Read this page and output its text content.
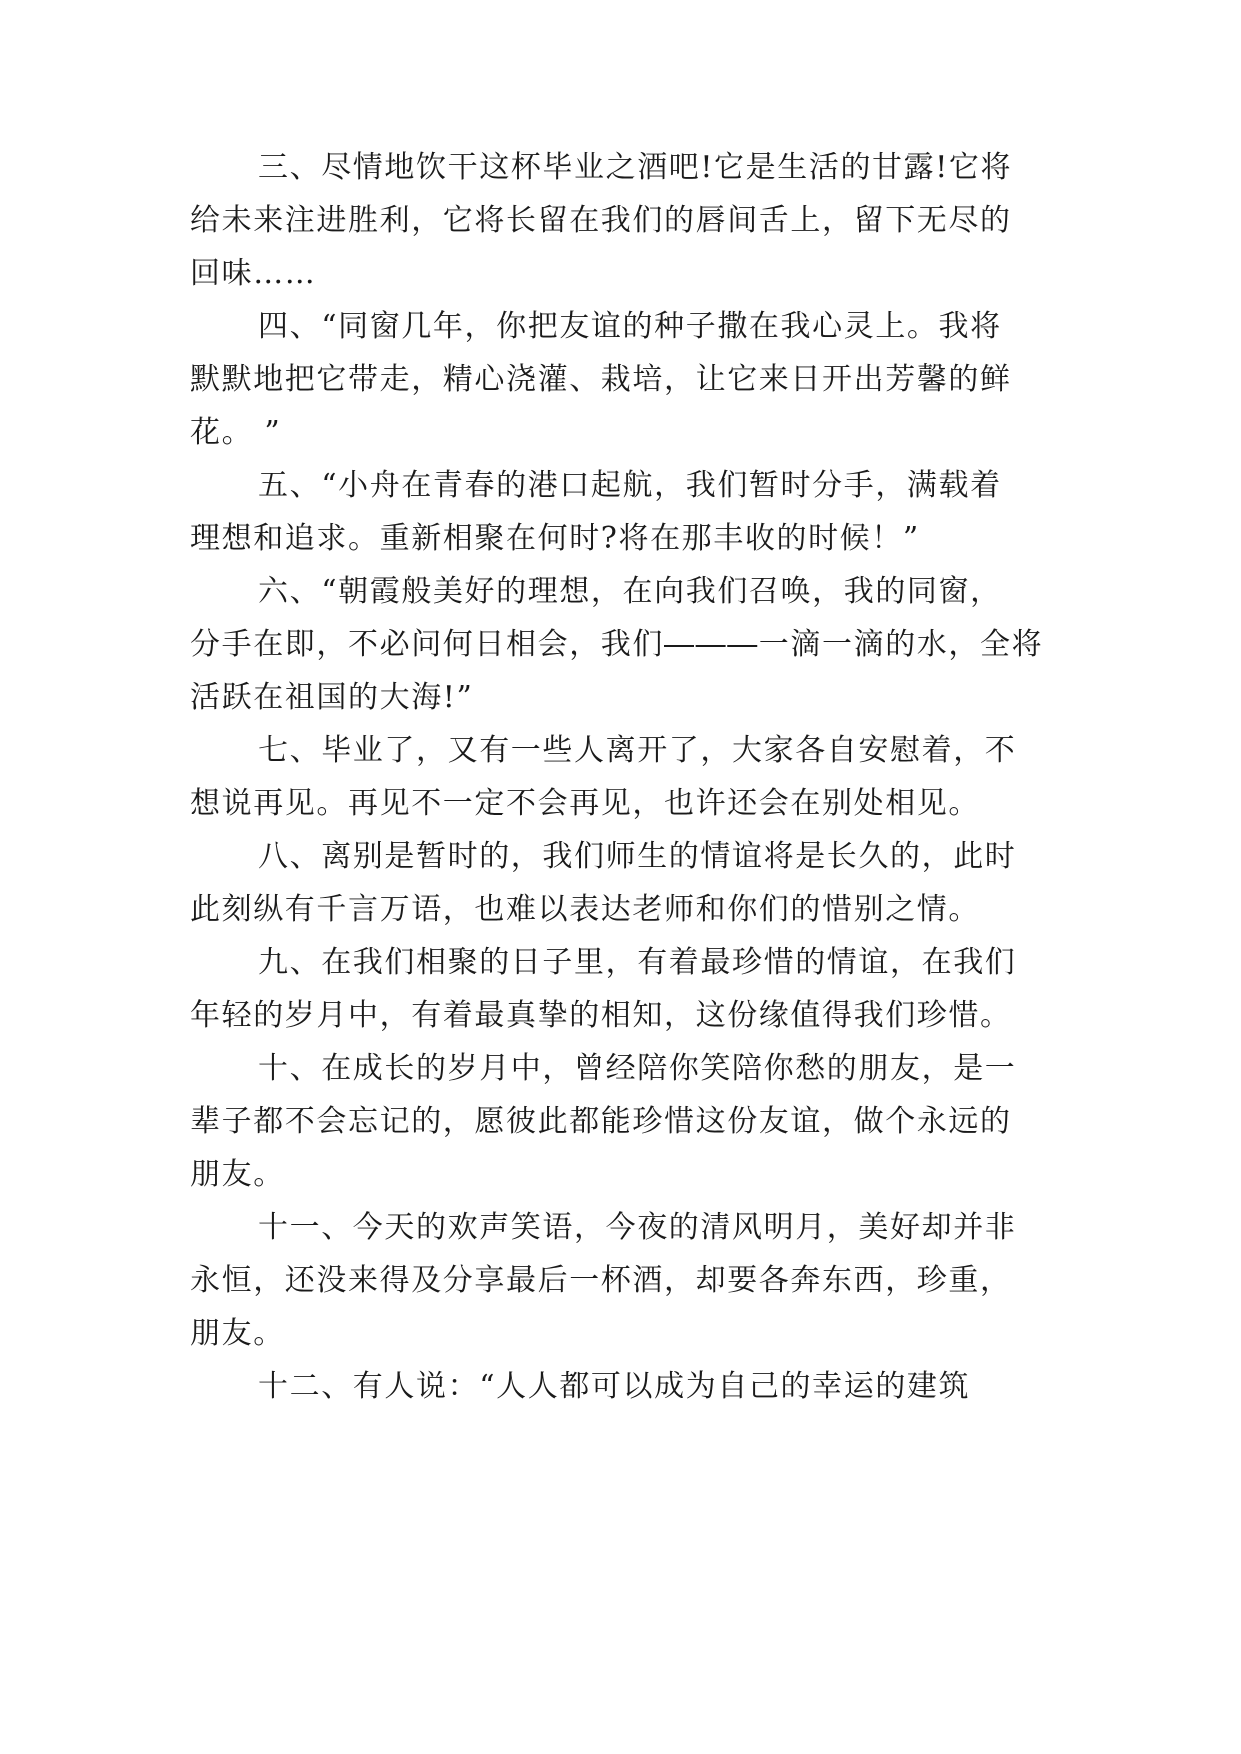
三、尽情地饮干这杯毕业之酒吧!它是生活的甘露!它将
给未来注进胜利，它将长留在我们的唇间舌上，留下无尽的
回味……
四、“同窗几年，你把友谊的种子撒在我心灵上。我将
默默地把它带走，精心浇灌、栽培，让它来日开出芳馨的鲜
花。 ”
五、“小舟在青春的港口起航，我们暂时分手，满载着
理想和追求。重新相聚在何时?将在那丰收的时候！”
六、“朝霞般美好的理想，在向我们召唤，我的同窗，
分手在即，不必问何日相会，我们―――一滴一滴的水，全将
活跃在祖国的大海!”
七、毕业了，又有一些人离开了，大家各自安慰着，不
想说再见。再见不一定不会再见，也许还会在别处相见。
八、离别是暂时的，我们师生的情谊将是长久的，此时
此刻纵有千言万语，也难以表达老师和你们的惜别之情。
九、在我们相聚的日子里，有着最珍惜的情谊，在我们
年轻的岁月中，有着最真挚的相知，这份缘值得我们珍惜。
十、在成长的岁月中，曾经陪你笑陪你愁的朋友，是一
辈子都不会忘记的，愿彼此都能珍惜这份友谊，做个永远的
朋友。
十一、今天的欢声笑语，今夜的清风明月，美好却并非
永恒，还没来得及分享最后一杯酒，却要各奔东西，珍重，
朋友。
十二、有人说：“人人都可以成为自己的幸运的建筑
